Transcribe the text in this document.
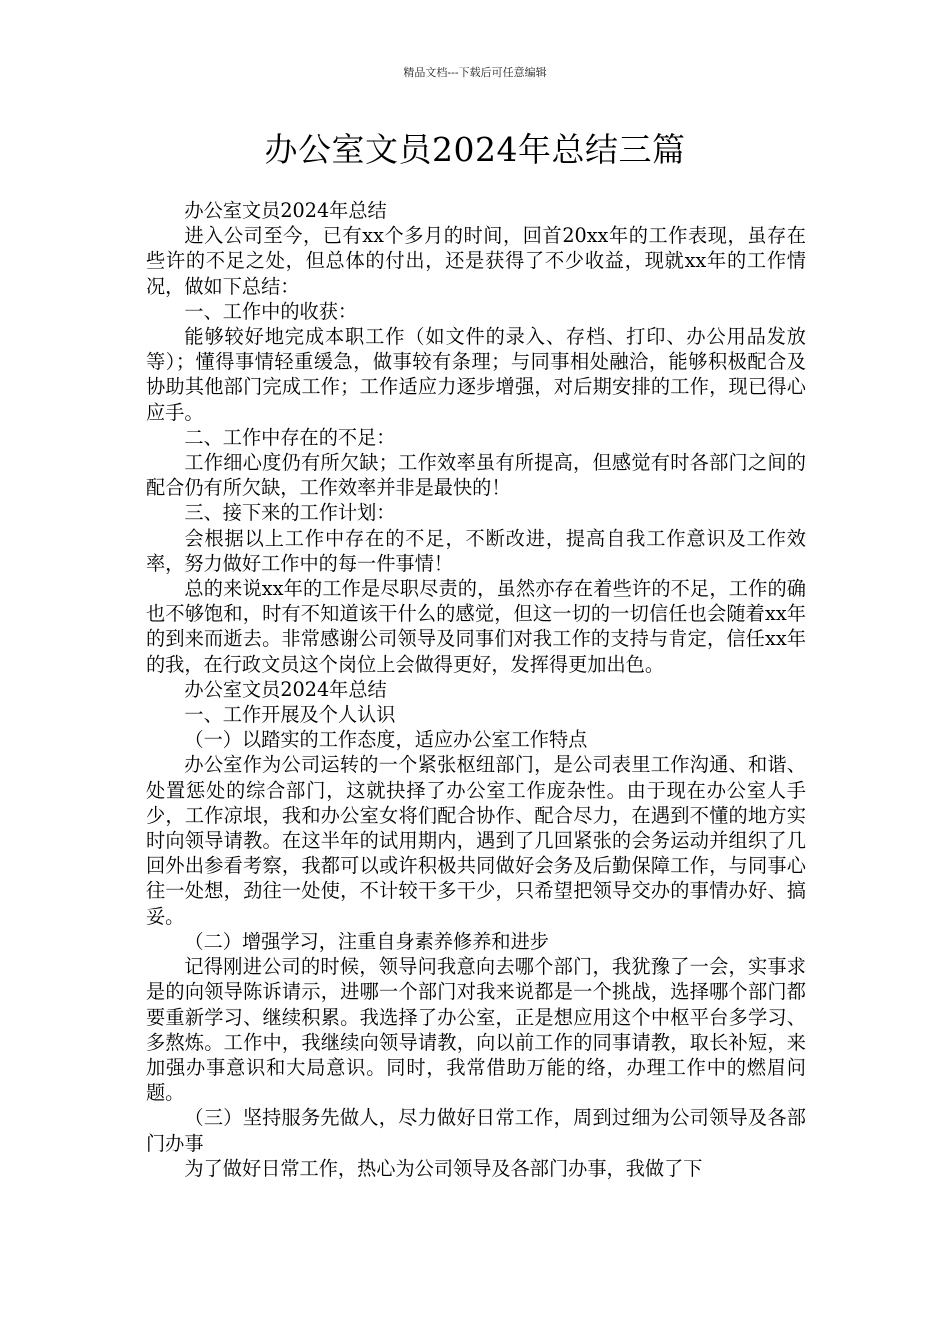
精品文档---下载后可任意编辑
办公室文员2024年总结三篇

办公室文员2024年总结

进入公司至今，已有xx个多月的时间，回首20xx年的工作表现，虽存在些许的不足之处，但总体的付出，还是获得了不少收益，现就xx年的工作情况，做如下总结：

一、工作中的收获：

能够较好地完成本职工作（如文件的录入、存档、打印、办公用品发放等）；懂得事情轻重缓急，做事较有条理；与同事相处融洽，能够积极配合及协助其他部门完成工作；工作适应力逐步增强，对后期安排的工作，现已得心应手。

二、工作中存在的不足：

工作细心度仍有所欠缺；工作效率虽有所提高，但感觉有时各部门之间的配合仍有所欠缺，工作效率并非是最快的！

三、接下来的工作计划：

会根据以上工作中存在的不足，不断改进，提高自我工作意识及工作效率，努力做好工作中的每一件事情！

总的来说xx年的工作是尽职尽责的，虽然亦存在着些许的不足，工作的确也不够饱和，时有不知道该干什么的感觉，但这一切的一切信任也会随着xx年的到来而逝去。非常感谢公司领导及同事们对我工作的支持与肯定，信任xx年的我，在行政文员这个岗位上会做得更好，发挥得更加出色。

办公室文员2024年总结

一、工作开展及个人认识

（一）以踏实的工作态度，适应办公室工作特点

办公室作为公司运转的一个紧张枢纽部门，是公司表里工作沟通、和谐、处置惩处的综合部门，这就抉择了办公室工作庞杂性。由于现在办公室人手少，工作凉垠，我和办公室女将们配合协作、配合尽力，在遇到不懂的地方实时向领导请教。在这半年的试用期内，遇到了几回紧张的会务运动并组织了几回外出参看考察，我都可以或许积极共同做好会务及后勤保障工作，与同事心往一处想，劲往一处使，不计较干多干少，只希望把领导交办的事情办好、搞妥。

（二）增强学习，注重自身素养修养和进步

记得刚进公司的时候，领导问我意向去哪个部门，我犹豫了一会，实事求是的向领导陈诉请示，进哪一个部门对我来说都是一个挑战，选择哪个部门都要重新学习、继续积累。我选择了办公室，正是想应用这个中枢平台多学习、多熬炼。工作中，我继续向领导请教，向以前工作的同事请教，取长补短，来加强办事意识和大局意识。同时，我常借助万能的络，办理工作中的燃眉问题。

（三）坚持服务先做人，尽力做好日常工作，周到过细为公司领导及各部门办事

为了做好日常工作，热心为公司领导及各部门办事，我做了下
